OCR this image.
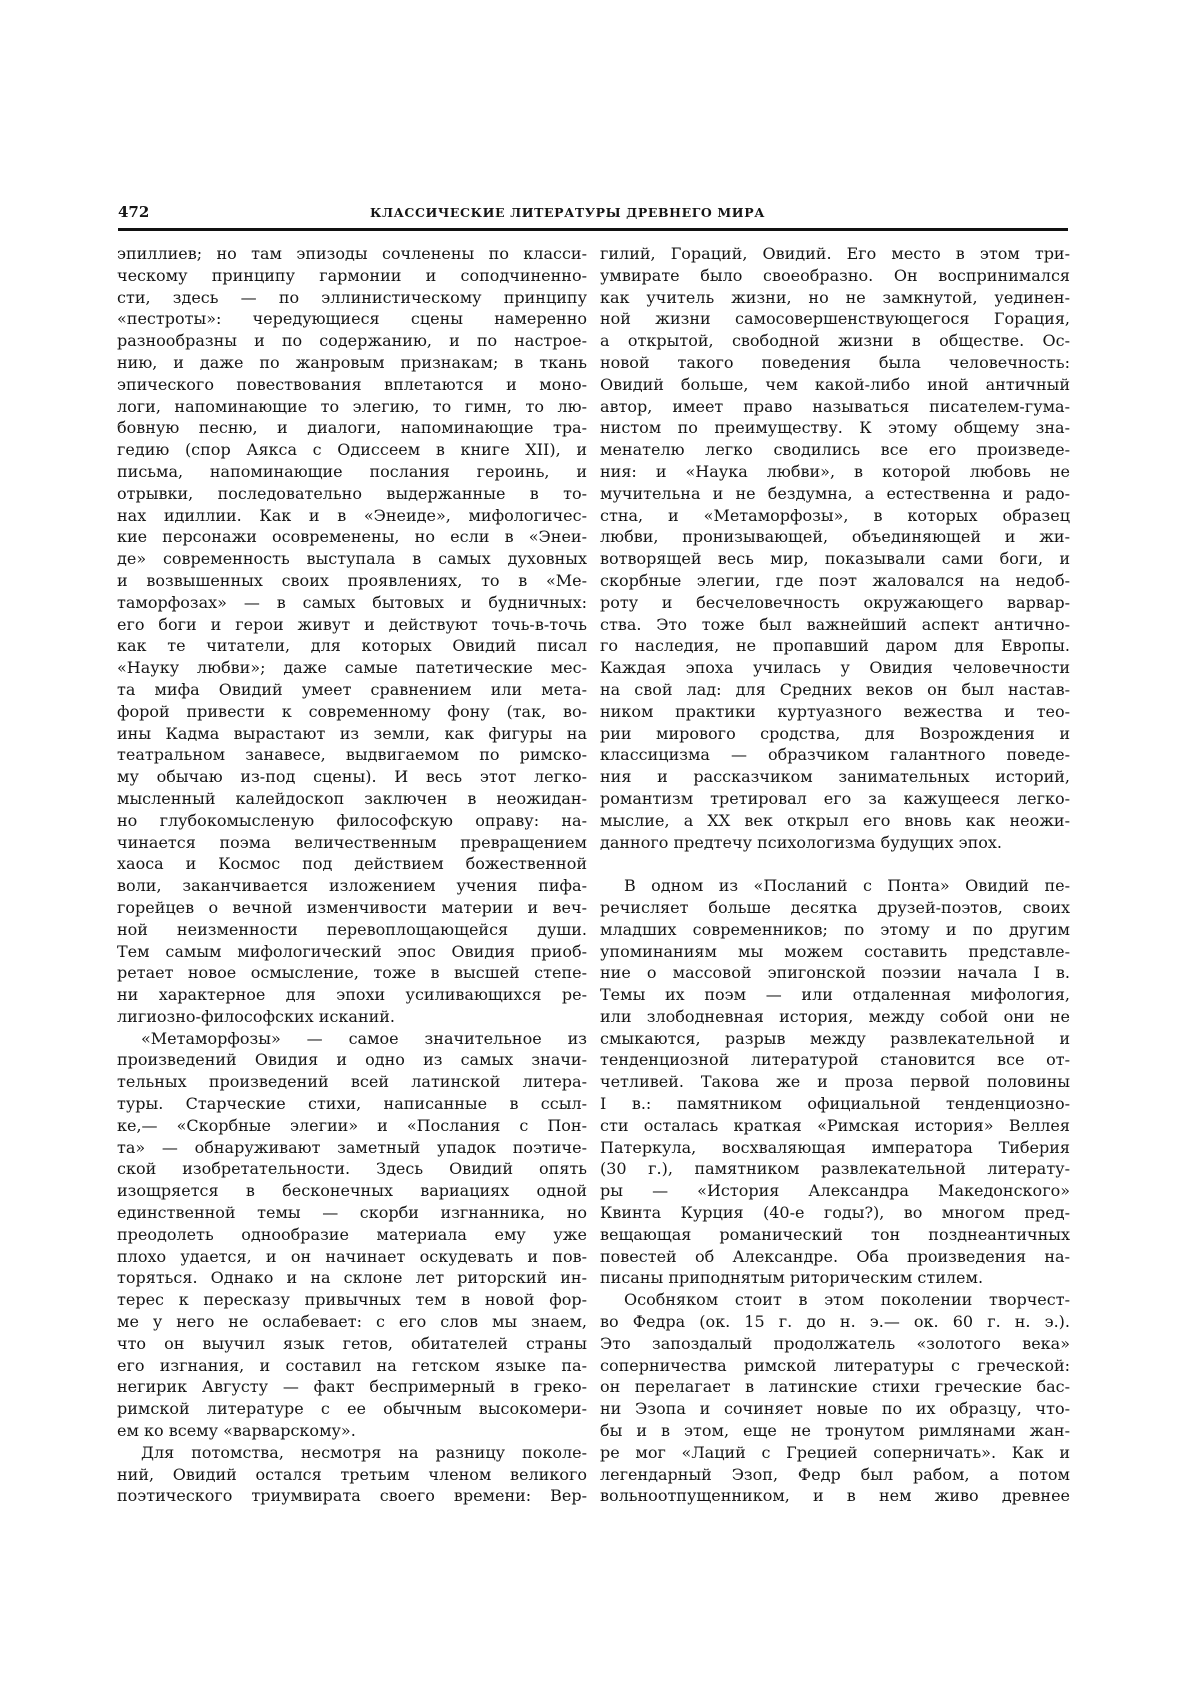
472	КЛАССИЧЕСКИЕ ЛИТЕРАТУРЫ ДРЕВНЕГО МИРА
эпиллиев; но там эпизоды сочленены по класси-
ческому принципу гармонии и соподчиненно-
сти, здесь — по эллинистическому принципу
«пестроты»: чередующиеся сцены намеренно
разнообразны и по содержанию, и по настрое-
нию, и даже по жанровым признакам; в ткань
эпического повествования вплетаются и моно-
логи, напоминающие то элегию, то гимн, то лю-
бовную песню, и диалоги, напоминающие тра-
гедию (спор Аякса с Одиссеем в книге XII), и
письма, напоминающие послания героинь, и
отрывки, последовательно выдержанные в то-
нах идиллии. Как и в «Энеиде», мифологичес-
кие персонажи осовременены, но если в «Энеи-
де» современность выступала в самых духовных
и возвышенных своих проявлениях, то в «Ме-
таморфозах» — в самых бытовых и будничных:
его боги и герои живут и действуют точь-в-точь
как те читатели, для которых Овидий писал
«Науку любви»; даже самые патетические мес-
та мифа Овидий умеет сравнением или мета-
форой привести к современному фону (так, во-
ины Кадма вырастают из земли, как фигуры на
театральном занавесе, выдвигаемом по римско-
му обычаю из-под сцены). И весь этот легко-
мысленный калейдоскоп заключен в неожидан-
но глубокомысленую философскую оправу: на-
чинается поэма величественным превращением
хаоса и Космос под действием божественной
воли, заканчивается изложением учения пифа-
горейцев о вечной изменчивости материи и веч-
ной неизменности перевоплощающейся души.
Тем самым мифологический эпос Овидия приоб-
ретает новое осмысление, тоже в высшей степе-
ни характерное для эпохи усиливающихся ре-
лигиозно-философских исканий.
«Метаморфозы» — самое значительное из
произведений Овидия и одно из самых значи-
тельных произведений всей латинской литера-
туры. Старческие стихи, написанные в ссыл-
ке,— «Скорбные элегии» и «Послания с Пон-
та» — обнаруживают заметный упадок поэтиче-
ской изобретательности. Здесь Овидий опять
изощряется в бесконечных вариациях одной
единственной темы — скорби изгнанника, но
преодолеть однообразие материала ему уже
плохо удается, и он начинает оскудевать и пов-
торяться. Однако и на склоне лет риторский ин-
терес к пересказу привычных тем в новой фор-
ме у него не ослабевает: с его слов мы знаем,
что он выучил язык гетов, обитателей страны
его изгнания, и составил на гетском языке па-
негирик Августу — факт беспримерный в греко-
римской литературе с ее обычным высокомери-
ем ко всему «варварскому».
Для потомства, несмотря на разницу поколе-
ний, Овидий остался третьим членом великого
поэтического триумвирата своего времени: Вер-
гилий, Гораций, Овидий. Его место в этом три-
умвирате было своеобразно. Он воспринимался
как учитель жизни, но не замкнутой, уединен-
ной жизни самосовершенствующегося Горация,
а открытой, свободной жизни в обществе. Ос-
новой такого поведения была человечность:
Овидий больше, чем какой-либо иной античный
автор, имеет право называться писателем-гума-
нистом по преимуществу. К этому общему зна-
менателю легко сводились все его произведе-
ния: и «Наука любви», в которой любовь не
мучительна и не бездумна, а естественна и радо-
стна, и «Метаморфозы», в которых образец
любви, пронизывающей, объединяющей и жи-
вотворящей весь мир, показывали сами боги, и
скорбные элегии, где поэт жаловался на недоб-
роту и бесчеловечность окружающего варвар-
ства. Это тоже был важнейший аспект антично-
го наследия, не пропавший даром для Европы.
Каждая эпоха училась у Овидия человечности
на свой лад: для Средних веков он был настав-
ником практики куртуазного вежества и тео-
рии мирового сродства, для Возрождения и
классицизма — образчиком галантного поведе-
ния и рассказчиком занимательных историй,
романтизм третировал его за кажущееся легко-
мыслие, а XX век открыл его вновь как неожи-
данного предтечу психологизма будущих эпох.
В одном из «Посланий с Понта» Овидий пе-
речисляет больше десятка друзей-поэтов, своих
младших современников; по этому и по другим
упоминаниям мы можем составить представле-
ние о массовой эпигонской поэзии начала I в.
Темы их поэм — или отдаленная мифология,
или злободневная история, между собой они не
смыкаются, разрыв между развлекательной и
тенденциозной литературой становится все от-
четливей. Такова же и проза первой половины
I в.: памятником официальной тенденциозно-
сти осталась краткая «Римская история» Веллея
Патеркула, восхваляющая императора Тиберия
(30 г.), памятником развлекательной литерату-
ры — «История Александра Македонского»
Квинта Курция (40-е годы?), во многом пред-
вещающая романический тон позднеантичных
повестей об Александре. Оба произведения на-
писаны приподнятым риторическим стилем.
Особняком стоит в этом поколении творчест-
во Федра (ок. 15 г. до н. э.— ок. 60 г. н. э.).
Это запоздалый продолжатель «золотого века»
соперничества римской литературы с греческой:
он перелагает в латинские стихи греческие бас-
ни Эзопа и сочиняет новые по их образцу, что-
бы и в этом, еще не тронутом римлянами жан-
ре мог «Лаций с Грецией соперничать». Как и
легендарный Эзоп, Федр был рабом, а потом
вольноотпущенником, и в нем живо древнее
